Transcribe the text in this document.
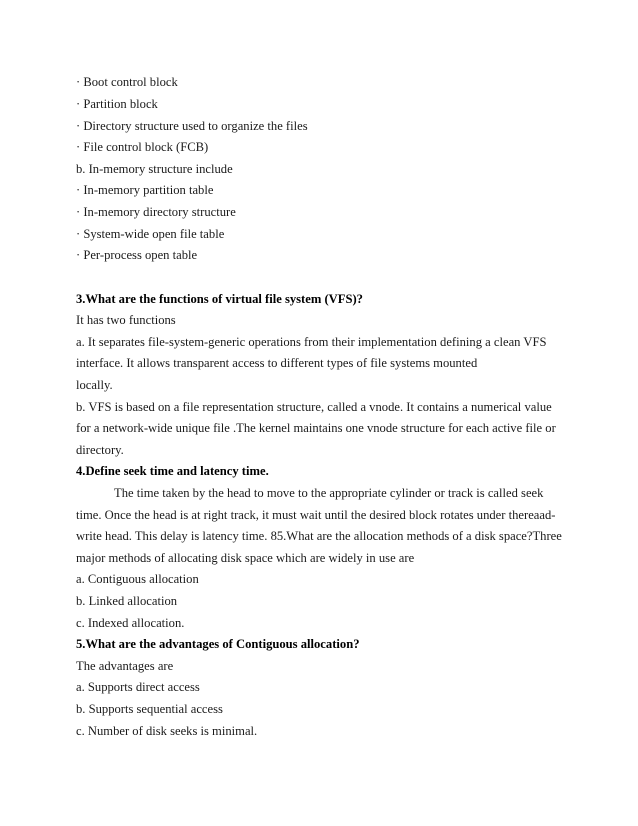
· Boot control block
· Partition block
· Directory structure used to organize the files
· File control block (FCB)
b. In-memory structure include
· In-memory partition table
· In-memory directory structure
· System-wide open file table
· Per-process open table
3.What are the functions of virtual file system (VFS)?
It has two functions
a. It separates file-system-generic operations from their implementation defining a clean VFS
interface. It allows transparent access to different types of file systems mounted
locally.
b. VFS is based on a file representation structure, called a vnode. It contains a numerical value
for a network-wide unique file .The kernel maintains one vnode structure for each active file or
directory.
4.Define seek time and latency time.
The time taken by the head to move to the appropriate cylinder or track is called seek
time. Once the head is at right track, it must wait until the desired block rotates under thereaad-
write head. This delay is latency time. 85.What are the allocation methods of a disk space?Three
major methods of allocating disk space which are widely in use are
a. Contiguous allocation
b. Linked allocation
c. Indexed allocation.
5.What are the advantages of Contiguous allocation?
The advantages are
a. Supports direct access
b. Supports sequential access
c. Number of disk seeks is minimal.
